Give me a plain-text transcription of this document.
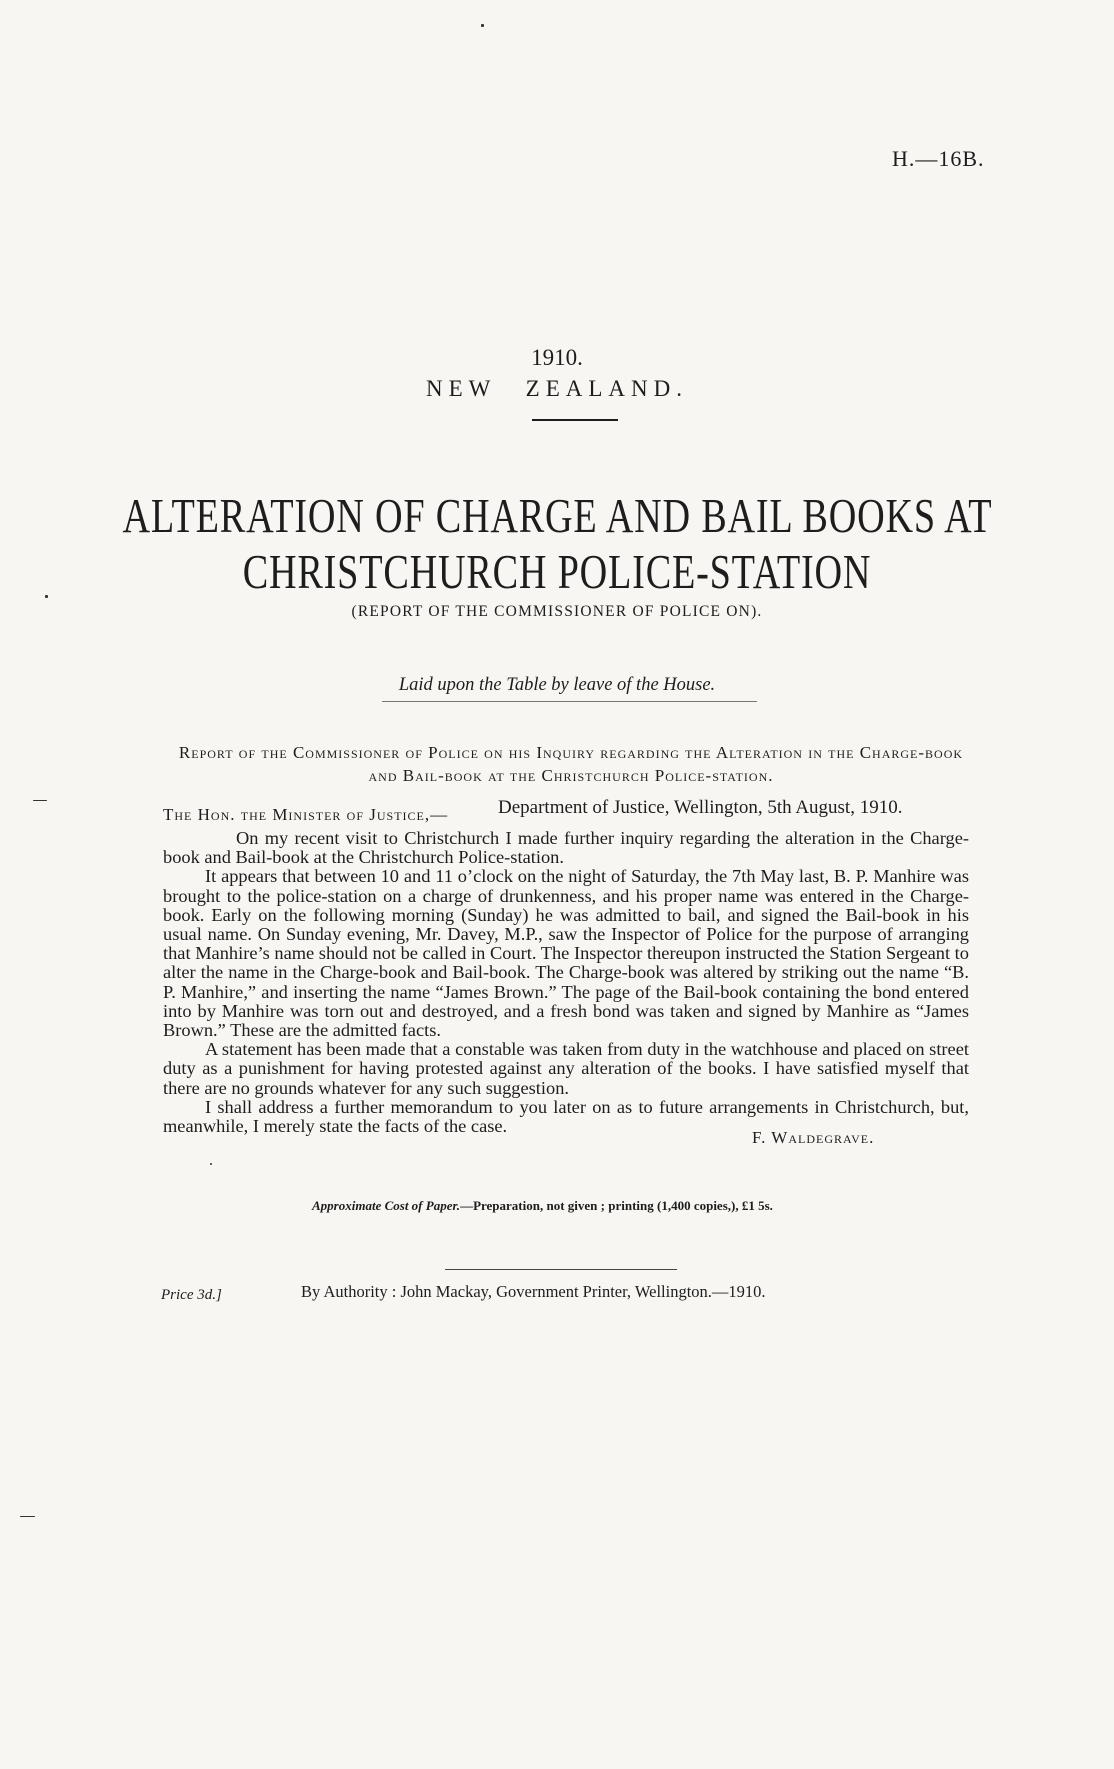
H.—16B.
1910.
NEW ZEALAND.
ALTERATION OF CHARGE AND BAIL BOOKS AT
CHRISTCHURCH POLICE-STATION
(REPORT OF THE COMMISSIONER OF POLICE ON).
Laid upon the Table by leave of the House.
Report of the Commissioner of Police on his Inquiry regarding the Alteration in the Charge-book and Bail-book at the Christchurch Police-station.
Department of Justice, Wellington, 5th August, 1910.
The Hon. the Minister of Justice,—

On my recent visit to Christchurch I made further inquiry regarding the alteration in the Charge-book and Bail-book at the Christchurch Police-station.

It appears that between 10 and 11 o’clock on the night of Saturday, the 7th May last, B. P. Manhire was brought to the police-station on a charge of drunkenness, and his proper name was entered in the Charge-book. Early on the following morning (Sunday) he was admitted to bail, and signed the Bail-book in his usual name. On Sunday evening, Mr. Davey, M.P., saw the Inspector of Police for the purpose of arranging that Manhire’s name should not be called in Court. The Inspector thereupon instructed the Station Sergeant to alter the name in the Charge-book and Bail-book. The Charge-book was altered by striking out the name “B. P. Manhire,” and inserting the name “James Brown.” The page of the Bail-book containing the bond entered into by Manhire was torn out and destroyed, and a fresh bond was taken and signed by Manhire as “James Brown.” These are the admitted facts.

A statement has been made that a constable was taken from duty in the watchhouse and placed on street duty as a punishment for having protested against any alteration of the books. I have satisfied myself that there are no grounds whatever for any such suggestion.

I shall address a further memorandum to you later on as to future arrangements in Christchurch, but, meanwhile, I merely state the facts of the case.

F. Waldegrave.
Approximate Cost of Paper.—Preparation, not given ; printing (1,400 copies,), £1 5s.
Price 3d.]	By Authority : John Mackay, Government Printer, Wellington.—1910.
